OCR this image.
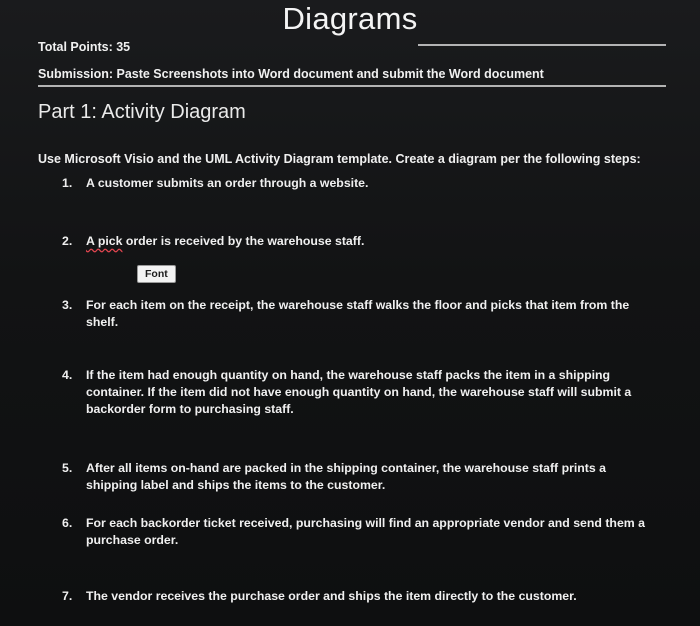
Diagrams
Total Points: 35
Submission: Paste Screenshots into Word document and submit the Word document
Part 1: Activity Diagram
Use Microsoft Visio and the UML Activity Diagram template. Create a diagram per the following steps:
1.	A customer submits an order through a website.
2.	A pick order is received by the warehouse staff.
Font
3.	For each item on the receipt, the warehouse staff walks the floor and picks that item from the shelf.
4.	If the item had enough quantity on hand, the warehouse staff packs the item in a shipping container. If the item did not have enough quantity on hand, the warehouse staff will submit a backorder form to purchasing staff.
5.	After all items on-hand are packed in the shipping container, the warehouse staff prints a shipping label and ships the items to the customer.
6.	For each backorder ticket received, purchasing will find an appropriate vendor and send them a purchase order.
7.	The vendor receives the purchase order and ships the item directly to the customer.
